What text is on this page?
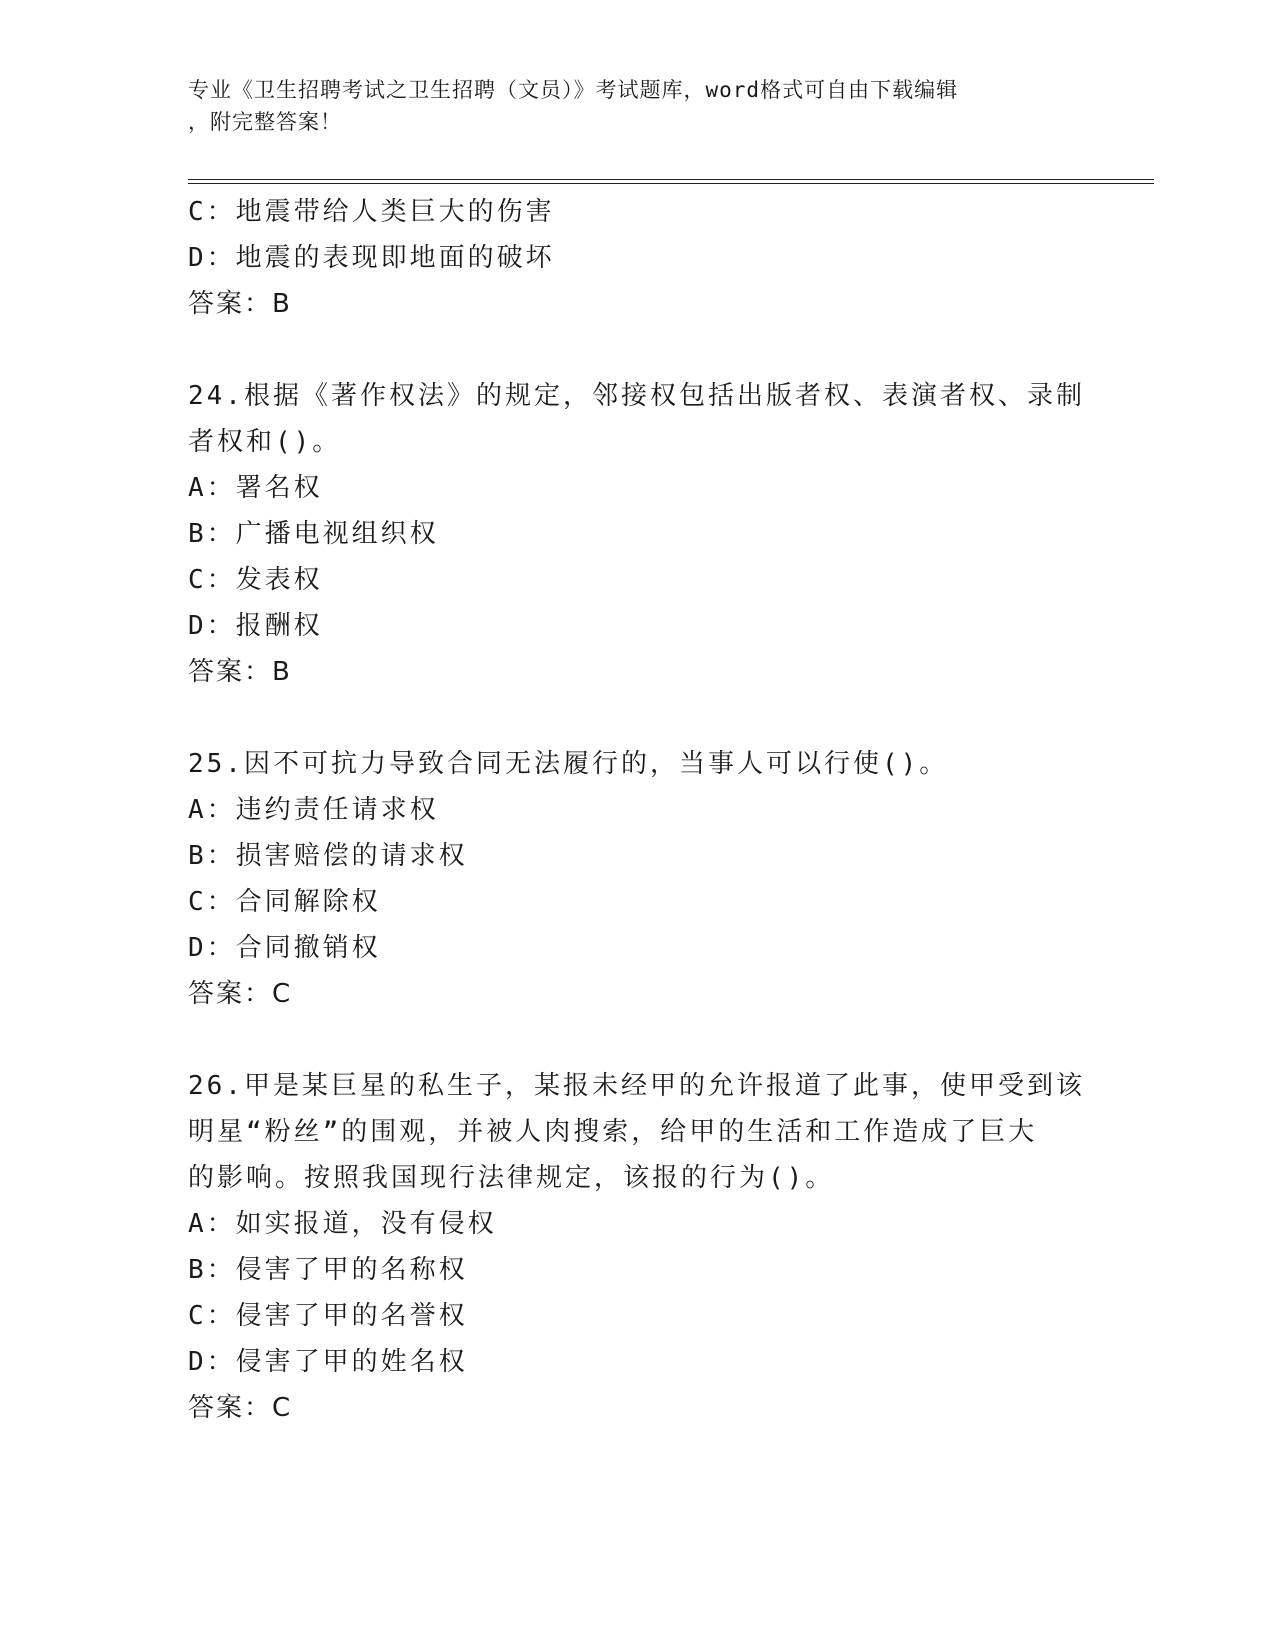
专业《卫生招聘考试之卫生招聘（文员）》考试题库，word格式可自由下载编辑
，附完整答案！
C：地震带给人类巨大的伤害
D：地震的表现即地面的破坏
答案：B
24.根据《著作权法》的规定，邻接权包括出版者权、表演者权、录制
者权和()。
A：署名权
B：广播电视组织权
C：发表权
D：报酬权
答案：B
25.因不可抗力导致合同无法履行的，当事人可以行使()。
A：违约责任请求权
B：损害赔偿的请求权
C：合同解除权
D：合同撤销权
答案：C
26.甲是某巨星的私生子，某报未经甲的允许报道了此事，使甲受到该
明星“粉丝”的围观，并被人肉搜索，给甲的生活和工作造成了巨大
的影响。按照我国现行法律规定，该报的行为()。
A：如实报道，没有侵权
B：侵害了甲的名称权
C：侵害了甲的名誉权
D：侵害了甲的姓名权
答案：C
